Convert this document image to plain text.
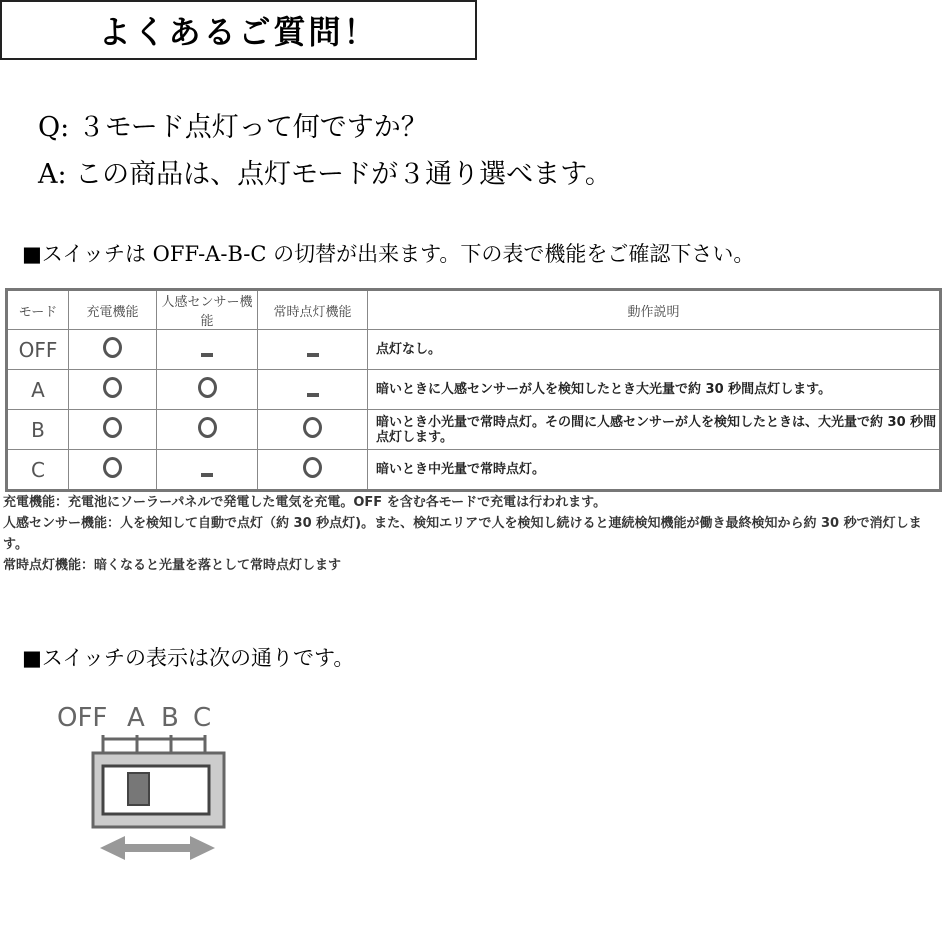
よくあるご質問！
Q: ３モード点灯って何ですか？
A: この商品は、点灯モードが３通り選べます。
■スイッチは OFF-A-B-C の切替が出来ます。下の表で機能をご確認下さい。
モード	充電機能	人感センサー機能	常時点灯機能	動作説明
OFF				点灯なし。
A				暗いときに人感センサーが人を検知したとき大光量で約 30 秒間点灯します。
B				暗いとき小光量で常時点灯。その間に人感センサーが人を検知したときは、大光量で約 30 秒間点灯します。
C				暗いとき中光量で常時点灯。
充電機能：充電池にソーラーパネルで発電した電気を充電。OFF を含む各モードで充電は行われます。
人感センサー機能：人を検知して自動で点灯（約 30 秒点灯)。また、検知エリアで人を検知し続けると連続検知機能が働き最終検知から約 30 秒で消灯します。
常時点灯機能：暗くなると光量を落として常時点灯します
■スイッチの表示は次の通りです。
OFF A B C
